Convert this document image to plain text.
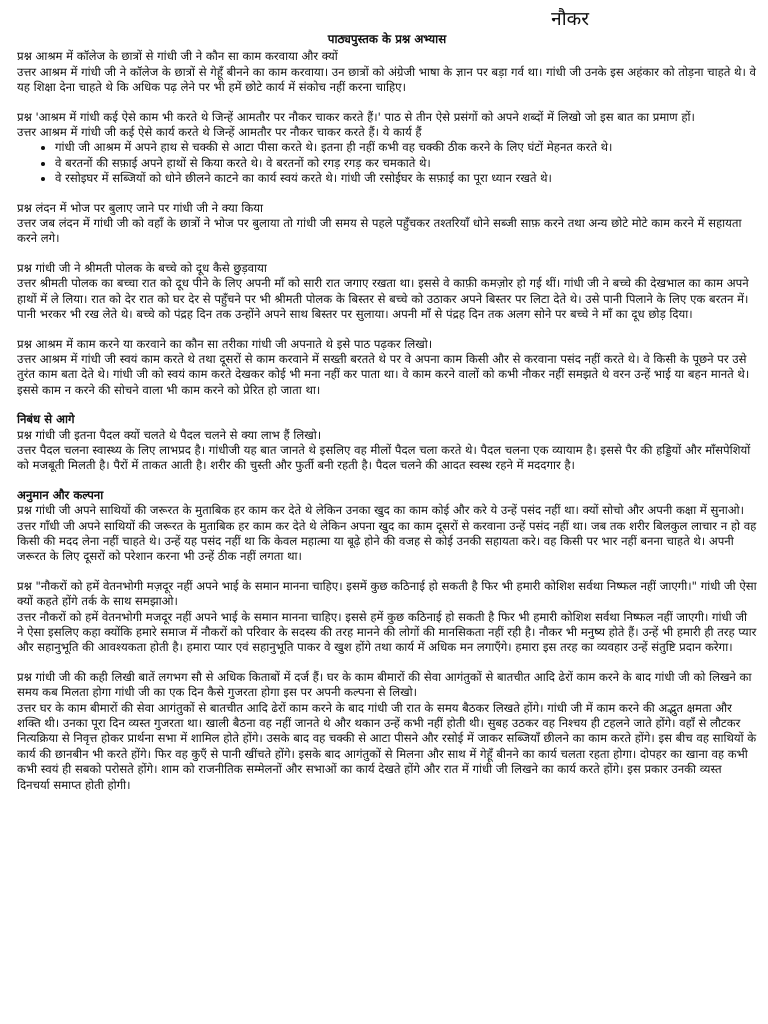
नौकर
पाठ्यपुस्तक के प्रश्न अभ्यास
प्रश्न आश्रम में कॉलेज के छात्रों से गांधी जी ने कौन सा काम करवाया और क्यों
उत्तर आश्रम में गांधी जी ने कॉलेज के छात्रों से गेहूँ बीनने का काम करवाया। उन छात्रों को अंग्रेजी भाषा के ज्ञान पर बड़ा गर्व था। गांधी जी उनके इस अहंकार को तोड़ना चाहते थे। वे यह शिक्षा देना चाहते थे कि अधिक पढ़ लेने पर भी हमें छोटे कार्य में संकोच नहीं करना चाहिए।
प्रश्न 'आश्रम में गांधी कई ऐसे काम भी करते थे जिन्हें आमतौर पर नौकर चाकर करते हैं।' पाठ से तीन ऐसे प्रसंगों को अपने शब्दों में लिखो जो इस बात का प्रमाण हों।
उत्तर आश्रम में गांधी जी कई ऐसे कार्य करते थे जिन्हें आमतौर पर नौकर चाकर करते हैं। ये कार्य हैं
• गांधी जी आश्रम में अपने हाथ से चक्की से आटा पीसा करते थे। इतना ही नहीं कभी वह चक्की ठीक करने के लिए घंटों मेहनत करते थे।
• वे बरतनों की सफ़ाई अपने हाथों से किया करते थे। वे बरतनों को रगड़ रगड़ कर चमकाते थे।
• वे रसोइघर में सब्जियों को धोने छीलने काटने का कार्य स्वयं करते थे। गांधी जी रसोईघर के सफ़ाई का पूरा ध्यान रखते थे।
प्रश्न लंदन में भोज पर बुलाए जाने पर गांधी जी ने क्या किया
उत्तर जब लंदन में गांधी जी को वहाँ के छात्रों ने भोज पर बुलाया तो गांधी जी समय से पहले पहुँचकर तश्तरियाँ धोने सब्जी साफ़ करने तथा अन्य छोटे मोटे काम करने में सहायता करने लगे।
प्रश्न गांधी जी ने श्रीमती पोलक के बच्चे को दूध कैसे छुड़वाया
उत्तर श्रीमती पोलक का बच्चा रात को दूध पीने के लिए अपनी माँ को सारी रात जगाए रखता था। इससे वे काफ़ी कमज़ोर हो गई थीं। गांधी जी ने बच्चे की देखभाल का काम अपने हाथों में ले लिया। रात को देर रात को घर देर से पहुँचने पर भी श्रीमती पोलक के बिस्तर से बच्चे को उठाकर अपने बिस्तर पर लिटा देते थे। उसे पानी पिलाने के लिए एक बरतन में। पानी भरकर भी रख लेते थे। बच्चे को पंद्रह दिन तक उन्होंने अपने साथ बिस्तर पर सुलाया। अपनी माँ से पंद्रह दिन तक अलग सोने पर बच्चे ने माँ का दूध छोड़ दिया।
प्रश्न आश्रम में काम करने या करवाने का कौन सा तरीका गांधी जी अपनाते थे इसे पाठ पढ़कर लिखो।
उत्तर आश्रम में गांधी जी स्वयं काम करते थे तथा दूसरों से काम करवाने में सख्ती बरतते थे पर वे अपना काम किसी और से करवाना पसंद नहीं करते थे। वे किसी के पूछने पर उसे तुरंत काम बता देते थे। गांधी जी को स्वयं काम करते देखकर कोई भी मना नहीं कर पाता था। वे काम करने वालों को कभी नौकर नहीं समझते थे वरन उन्हें भाई या बहन मानते थे। इससे काम न करने की सोचने वाला भी काम करने को प्रेरित हो जाता था।
निबंध से आगे
प्रश्न गांधी जी इतना पैदल क्यों चलते थे पैदल चलने से क्या लाभ हैं लिखो।
उत्तर पैदल चलना स्वास्थ्य के लिए लाभप्रद है। गांधीजी यह बात जानते थे इसलिए वह मीलों पैदल चला करते थे। पैदल चलना एक व्यायाम है। इससे पैर की हड्डियों और माँसपेशियों को मजबूती मिलती है। पैरों में ताकत आती है। शरीर की चुस्ती और फुर्ती बनी रहती है। पैदल चलने की आदत स्वस्थ रहने में मददगार है।
अनुमान और कल्पना
प्रश्न गांधी जी अपने साथियों की जरूरत के मुताबिक हर काम कर देते थे लेकिन उनका खुद का काम कोई और करे ये उन्हें पसंद नहीं था। क्यों सोचो और अपनी कक्षा में सुनाओ।
उत्तर गाँधी जी अपने साथियों की जरूरत के मुताबिक हर काम कर देते थे लेकिन अपना खुद का काम दूसरों से करवाना उन्हें पसंद नहीं था। जब तक शरीर बिलकुल लाचार न हो वह किसी की मदद लेना नहीं चाहते थे। उन्हें यह पसंद नहीं था कि केवल महात्मा या बूढ़े होने की वजह से कोई उनकी सहायता करे। वह किसी पर भार नहीं बनना चाहते थे। अपनी जरूरत के लिए दूसरों को परेशान करना भी उन्हें ठीक नहीं लगता था।
प्रश्न "नौकरों को हमें वेतनभोगी मज़दूर नहीं अपने भाई के समान मानना चाहिए। इसमें कुछ कठिनाई हो सकती है फिर भी हमारी कोशिश सर्वथा निष्फल नहीं जाएगी।" गांधी जी ऐसा क्यों कहते होंगे तर्क के साथ समझाओ।
उत्तर नौकरों को हमें वेतनभोगी मजदूर नहीं अपने भाई के समान मानना चाहिए। इससे हमें कुछ कठिनाई हो सकती है फिर भी हमारी कोशिश सर्वथा निष्फल नहीं जाएगी। गांधी जी ने ऐसा इसलिए कहा क्योंकि हमारे समाज में नौकरों को परिवार के सदस्य की तरह मानने की लोगों की मानसिकता नहीं रही है। नौकर भी मनुष्य होते हैं। उन्हें भी हमारी ही तरह प्यार और सहानुभूति की आवश्यकता होती है। हमारा प्यार एवं सहानुभूति पाकर वे खुश होंगे तथा कार्य में अधिक मन लगाएँगे। हमारा इस तरह का व्यवहार उन्हें संतुष्टि प्रदान करेगा।
प्रश्न गांधी जी की कही लिखी बातें लगभग सौ से अधिक किताबों में दर्ज हैं। घर के काम बीमारों की सेवा आगंतुकों से बातचीत आदि ढेरों काम करने के बाद गांधी जी को लिखने का समय कब मिलता होगा गांधी जी का एक दिन कैसे गुजरता होगा इस पर अपनी कल्पना से लिखो।
उत्तर घर के काम बीमारों की सेवा आगंतुकों से बातचीत आदि ढेरों काम करने के बाद गांधी जी रात के समय बैठकर लिखते होंगे। गांधी जी में काम करने की अद्भुत क्षमता और शक्ति थी। उनका पूरा दिन व्यस्त गुजरता था। खाली बैठना वह नहीं जानते थे और थकान उन्हें कभी नहीं होती थी। सुबह उठकर वह निश्चय ही टहलने जाते होंगे। वहाँ से लौटकर नित्यक्रिया से निवृत्त होकर प्रार्थना सभा में शामिल होते होंगे। उसके बाद वह चक्की से आटा पीसने और रसोई में जाकर सब्जियाँ छीलने का काम करते होंगे। इस बीच वह साथियों के कार्य की छानबीन भी करते होंगे। फिर वह कुएँ से पानी खींचते होंगे। इसके बाद आगंतुकों से मिलना और साथ में गेहूँ बीनने का कार्य चलता रहता होगा। दोपहर का खाना वह कभी कभी स्वयं ही सबको परोसते होंगे। शाम को राजनीतिक सम्मेलनों और सभाओं का कार्य देखते होंगे और रात में गांधी जी लिखने का कार्य करते होंगे। इस प्रकार उनकी व्यस्त दिनचर्या समाप्त होती होगी।
